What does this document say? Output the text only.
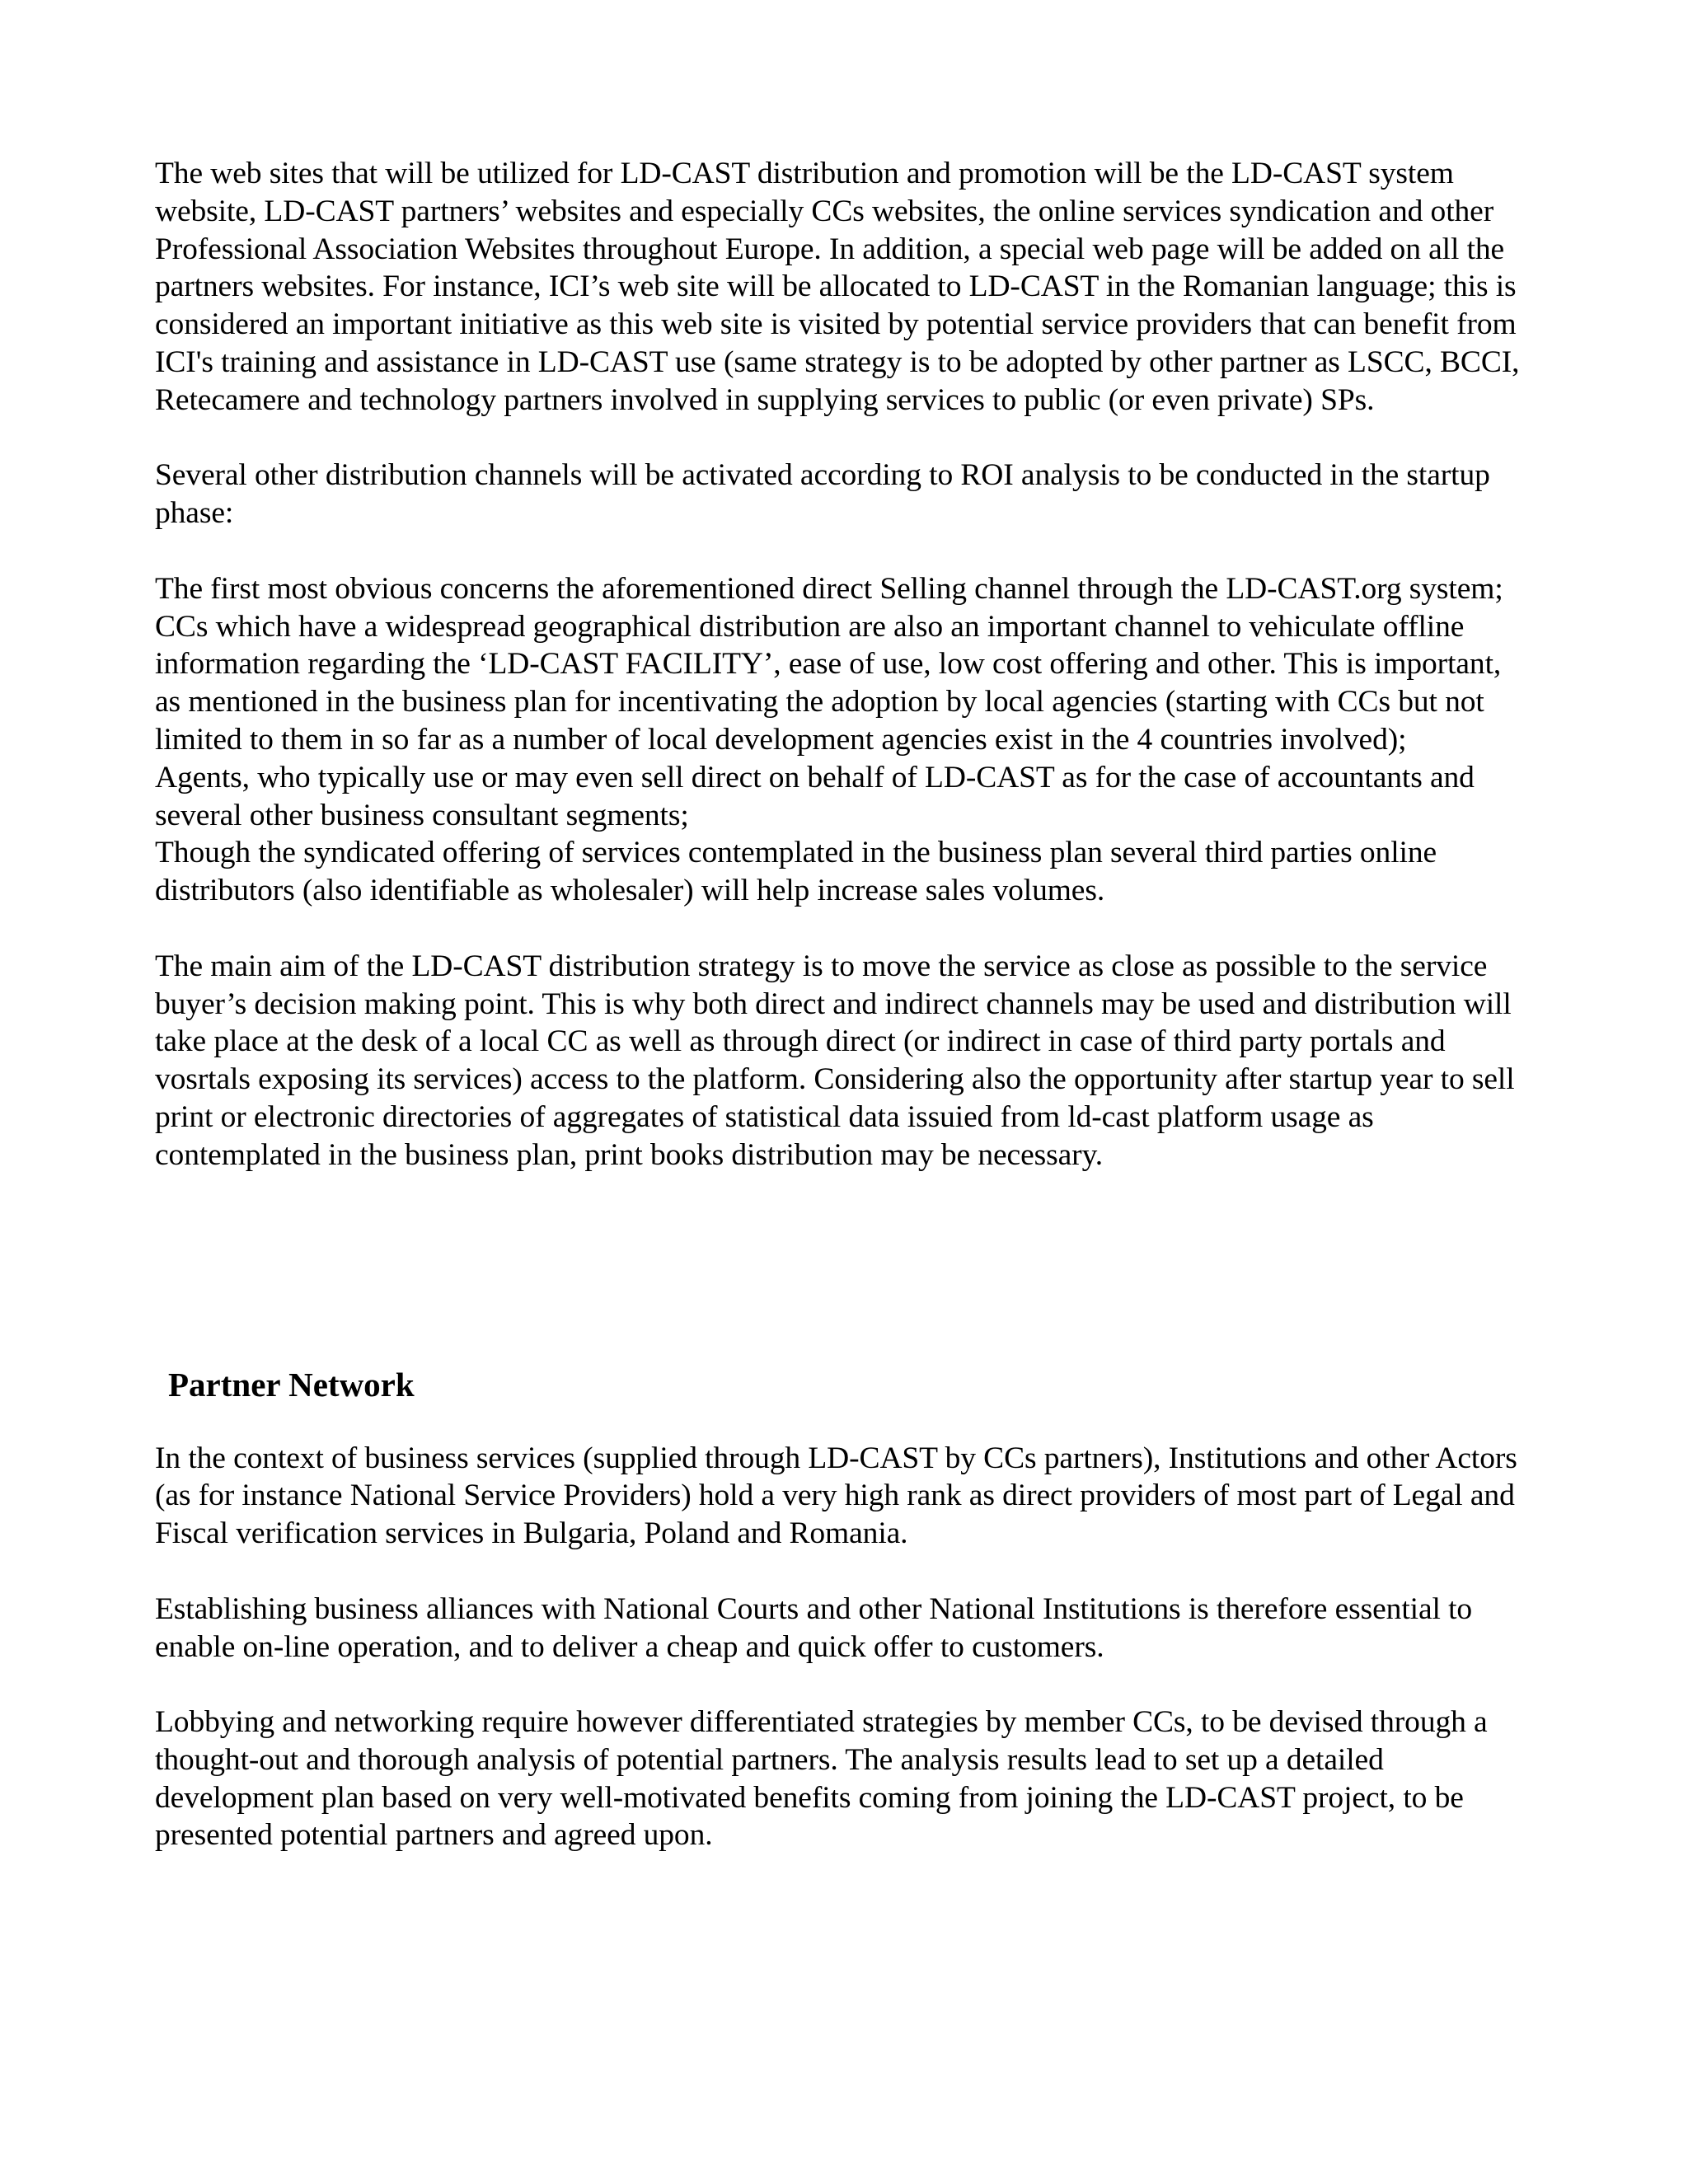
The web sites that will be utilized for LD-CAST distribution and promotion will be the LD-CAST system website, LD-CAST partners’ websites and especially CCs websites, the online services syndication and other Professional Association Websites throughout Europe. In addition, a special web page will be added on all the partners websites. For instance, ICI’s web site will be allocated to LD-CAST in the Romanian language; this is considered an important initiative as this web site is visited by potential service providers that can benefit from ICI's training and assistance in LD-CAST use (same strategy is to be adopted by other partner as LSCC, BCCI, Retecamere and technology partners involved in supplying services to public (or even private) SPs.

Several other distribution channels will be activated according to ROI analysis to be conducted in the startup phase:

The first most obvious concerns the aforementioned direct Selling channel through the LD-CAST.org system;

CCs which have a widespread geographical distribution are also an important channel to vehiculate offline information regarding the ‘LD-CAST FACILITY’, ease of use, low cost offering and other. This is important, as mentioned in the business plan for incentivating the adoption by local agencies (starting with CCs but not limited to them in so far as a number of local development agencies exist in the 4 countries involved);

Agents, who typically use or may even sell direct on behalf of LD-CAST as for the case of accountants and several other business consultant segments;

Though the syndicated offering of services contemplated in the business plan several third parties online distributors (also identifiable as wholesaler) will help increase sales volumes.

The main aim of the LD-CAST distribution strategy is to move the service as close as possible to the service buyer’s decision making point. This is why both direct and indirect channels may be used and distribution will take place at the desk of a local CC as well as through direct (or indirect in case of third party portals and vosrtals exposing its services) access to the platform. Considering also the opportunity after startup year to sell print or electronic directories of aggregates of statistical data issuied from ld-cast platform usage as contemplated in the business plan, print books distribution may be necessary.

Partner Network

In the context of business services (supplied through LD-CAST by CCs partners), Institutions and other Actors (as for instance National Service Providers) hold a very high rank as direct providers of most part of Legal and Fiscal verification services in Bulgaria, Poland and Romania.

Establishing business alliances with National Courts and other National Institutions is therefore essential to enable on-line operation, and to deliver a cheap and quick offer to customers.

Lobbying and networking require however differentiated strategies by member CCs, to be devised through a thought-out and thorough analysis of potential partners. The analysis results lead to set up a detailed development plan based on very well-motivated benefits coming from joining the LD-CAST project, to be presented potential partners and agreed upon.
